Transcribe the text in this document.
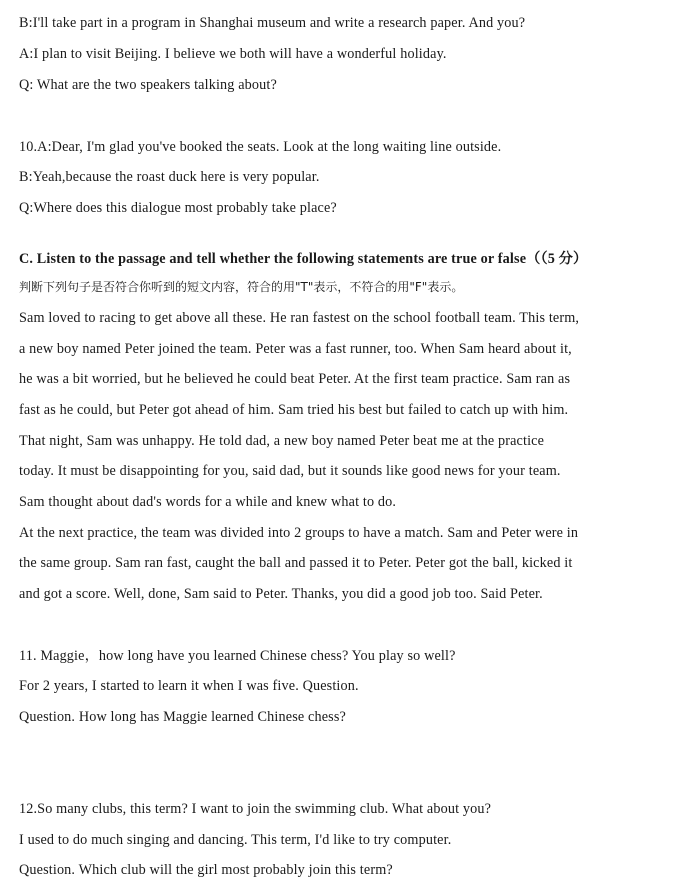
B:I'll take part in a program in Shanghai museum and write a research paper. And you?
A:I plan to visit Beijing. I believe we both will have a wonderful holiday.
Q: What are the two speakers talking about?
10.A:Dear, I'm glad you've booked the seats. Look at the long waiting line outside.
B:Yeah,because the roast duck here is very popular.
Q:Where does this dialogue most probably take place?
C. Listen to the passage and tell whether the following statements are true or false（（5 分）
判断下列句子是否符合你听到的短文内容，符合的用"T"表示，不符合的用"F"表示。
Sam loved to racing to get above all these. He ran fastest on the school football team. This term,
a new boy named Peter joined the team. Peter was a fast runner, too. When Sam heard about it,
he was a bit worried, but he believed he could beat Peter. At the first team practice. Sam ran as
fast as he could, but Peter got ahead of him. Sam tried his best but failed to catch up with him.
That night, Sam was unhappy. He told dad, a new boy named Peter beat me at the practice
today. It must be disappointing for you, said dad, but it sounds like good news for your team.
Sam thought about dad's words for a while and knew what to do.
At the next practice, the team was divided into 2 groups to have a match. Sam and Peter were in
the same group. Sam ran fast, caught the ball and passed it to Peter. Peter got the ball, kicked it
and got a score. Well, done, Sam said to Peter. Thanks, you did a good job too. Said Peter.
11. Maggie，how long have you learned Chinese chess? You play so well?
For 2 years, I started to learn it when I was five. Question.
Question. How long has Maggie learned Chinese chess?
12.So many clubs, this term? I want to join the swimming club. What about you?
I used to do much singing and dancing. This term, I'd like to try computer.
Question. Which club will the girl most probably join this term?
